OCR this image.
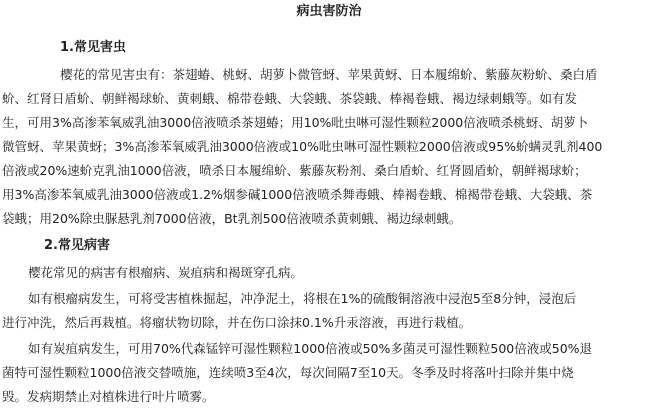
病虫害防治
1.常见害虫
樱花的常见害虫有：茶翅蝽、桃蚜、胡萝卜微管蚜、苹果黄蚜、日本履绵蚧、紫藤灰粉蚧、桑白盾
蚧、红肾日盾蚧、朝鲜褐球蚧、黄刺蛾、棉带卷蛾、大袋蛾、茶袋蛾、棒褐卷蛾、褐边绿刺蛾等。如有发
生，可用3%高渗苯氧威乳油3000倍液喷杀茶翅蝽；用10%吡虫啉可湿性颗粒2000倍液喷杀桃蚜、胡萝卜
微管蚜、苹果黄蚜；3%高渗苯氧威乳油3000倍液或10%吡虫啉可湿性颗粒2000倍液或95%蚧螨灵乳剂400
倍液或20%速蚧克乳油1000倍液，喷杀日本履绵蚧、紫藤灰粉剂、桑白盾蚧、红肾圆盾蚧，朝鲜褐球蚧；
用3%高渗苯氧威乳油3000倍液或1.2%烟参碱1000倍液喷杀舞毒蛾、棒褐卷蛾、棉褐带卷蛾、大袋蛾、茶
袋蛾；用20%除虫脲悬乳剂7000倍液，Bt乳剂500倍液喷杀黄刺蛾、褐边绿刺蛾。
2.常见病害
樱花常见的病害有根瘤病、炭疽病和褐斑穿孔病。
如有根瘤病发生，可将受害植株掘起，冲净泥土，将根在1%的硫酸铜溶液中浸泡5至8分钟，浸泡后
进行冲洗，然后再栽植。将瘤状物切除，并在伤口涂抹0.1%升汞溶液，再进行栽植。
如有炭疽病发生，可用70%代森锰锌可湿性颗粒1000倍液或50%多菌灵可湿性颗粒500倍液或50%退
菌特可湿性颗粒1000倍液交替喷施，连续喷3至4次，每次间隔7至10天。冬季及时将落叶扫除并集中烧
毁。发病期禁止对植株进行叶片喷雾。
